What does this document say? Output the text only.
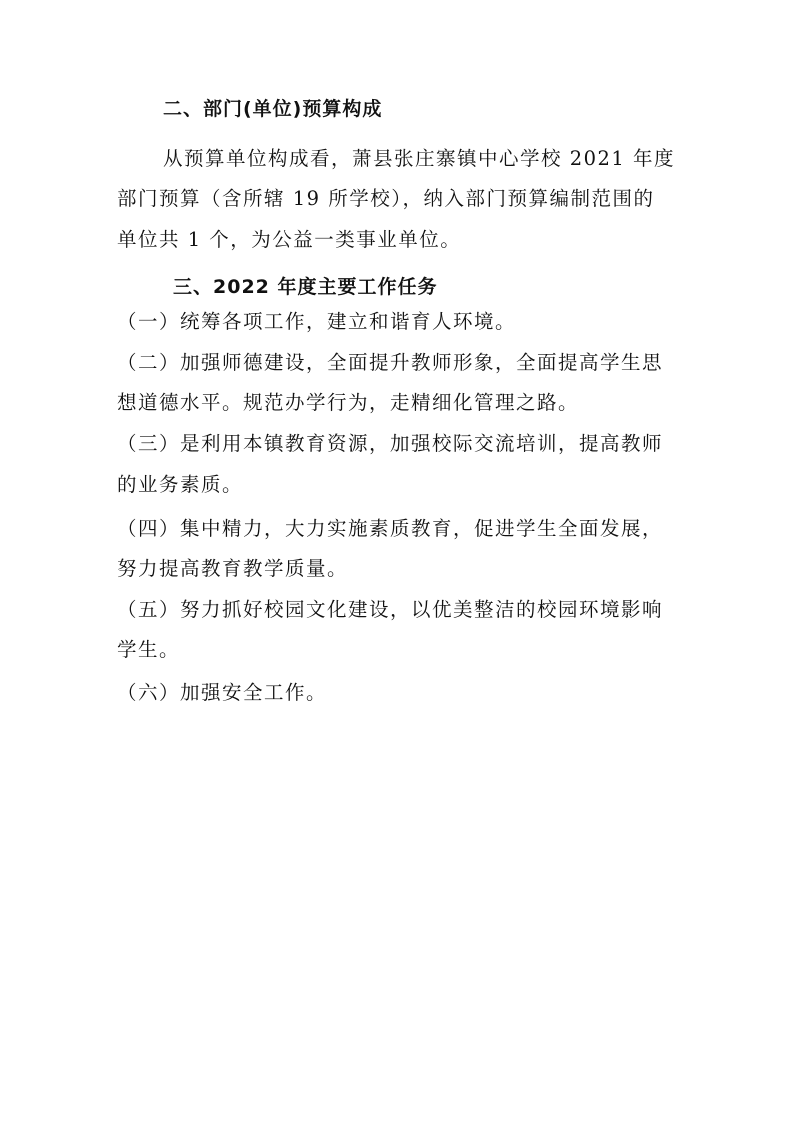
二、部门(单位)预算构成
从预算单位构成看，萧县张庄寨镇中心学校 2021 年度
部门预算（含所辖 19 所学校），纳入部门预算编制范围的
单位共 1 个，为公益一类事业单位。
三、2022 年度主要工作任务
（一）统筹各项工作，建立和谐育人环境。
（二）加强师德建设，全面提升教师形象，全面提高学生思
想道德水平。规范办学行为，走精细化管理之路。
（三）是利用本镇教育资源，加强校际交流培训，提高教师
的业务素质。
（四）集中精力，大力实施素质教育，促进学生全面发展，
努力提高教育教学质量。
（五）努力抓好校园文化建设，以优美整洁的校园环境影响
学生。
（六）加强安全工作。
